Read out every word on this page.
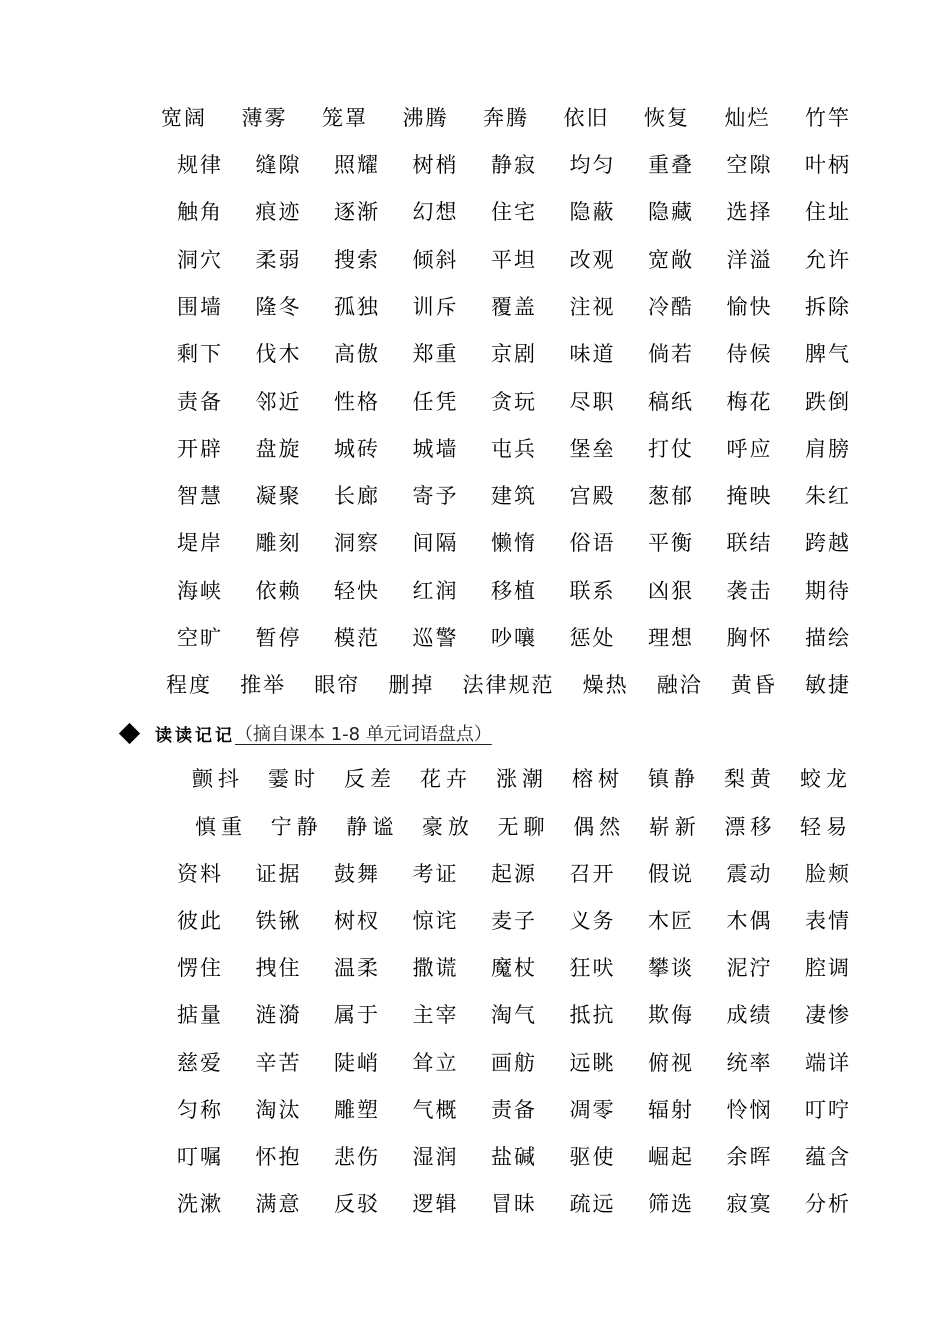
宽阔 薄雾 笼罩 沸腾 奔腾 依旧 恢复 灿烂 竹竿
规律 缝隙 照耀 树梢 静寂 均匀 重叠 空隙 叶柄
触角 痕迹 逐渐 幻想 住宅 隐蔽 隐藏 选择 住址
洞穴 柔弱 搜索 倾斜 平坦 改观 宽敞 洋溢 允许
围墙 隆冬 孤独 训斥 覆盖 注视 冷酷 愉快 拆除
剩下 伐木 高傲 郑重 京剧 味道 倘若 侍候 脾气
责备 邻近 性格 任凭 贪玩 尽职 稿纸 梅花 跌倒
开辟 盘旋 城砖 城墙 屯兵 堡垒 打仗 呼应 肩膀
智慧 凝聚 长廊 寄予 建筑 宫殿 葱郁 掩映 朱红
堤岸 雕刻 洞察 间隔 懒惰 俗语 平衡 联结 跨越
海峡 依赖 轻快 红润 移植 联系 凶狠 袭击 期待
空旷 暂停 模范 巡警 吵嚷 惩处 理想 胸怀 描绘
程度 推举 眼帘 删掉 法律规范 燥热 融洽 黄昏 敏捷
读读记记 （摘自课本 1-8 单元词语盘点）
颤抖 霎时 反差 花卉 涨潮 榕树 镇静 梨黄 蛟龙
慎重 宁静 静谧 豪放 无聊 偶然 崭新 漂移 轻易
资料 证据 鼓舞 考证 起源 召开 假说 震动 脸颊
彼此 铁锹 树杈 惊诧 麦子 义务 木匠 木偶 表情
愣住 拽住 温柔 撒谎 魔杖 狂吠 攀谈 泥泞 腔调
掂量 涟漪 属于 主宰 淘气 抵抗 欺侮 成绩 凄惨
慈爱 辛苦 陡峭 耸立 画舫 远眺 俯视 统率 端详
匀称 淘汰 雕塑 气概 责备 凋零 辐射 怜悯 叮咛
叮嘱 怀抱 悲伤 湿润 盐碱 驱使 崛起 余晖 蕴含
洗漱 满意 反驳 逻辑 冒昧 疏远 筛选 寂寞 分析
